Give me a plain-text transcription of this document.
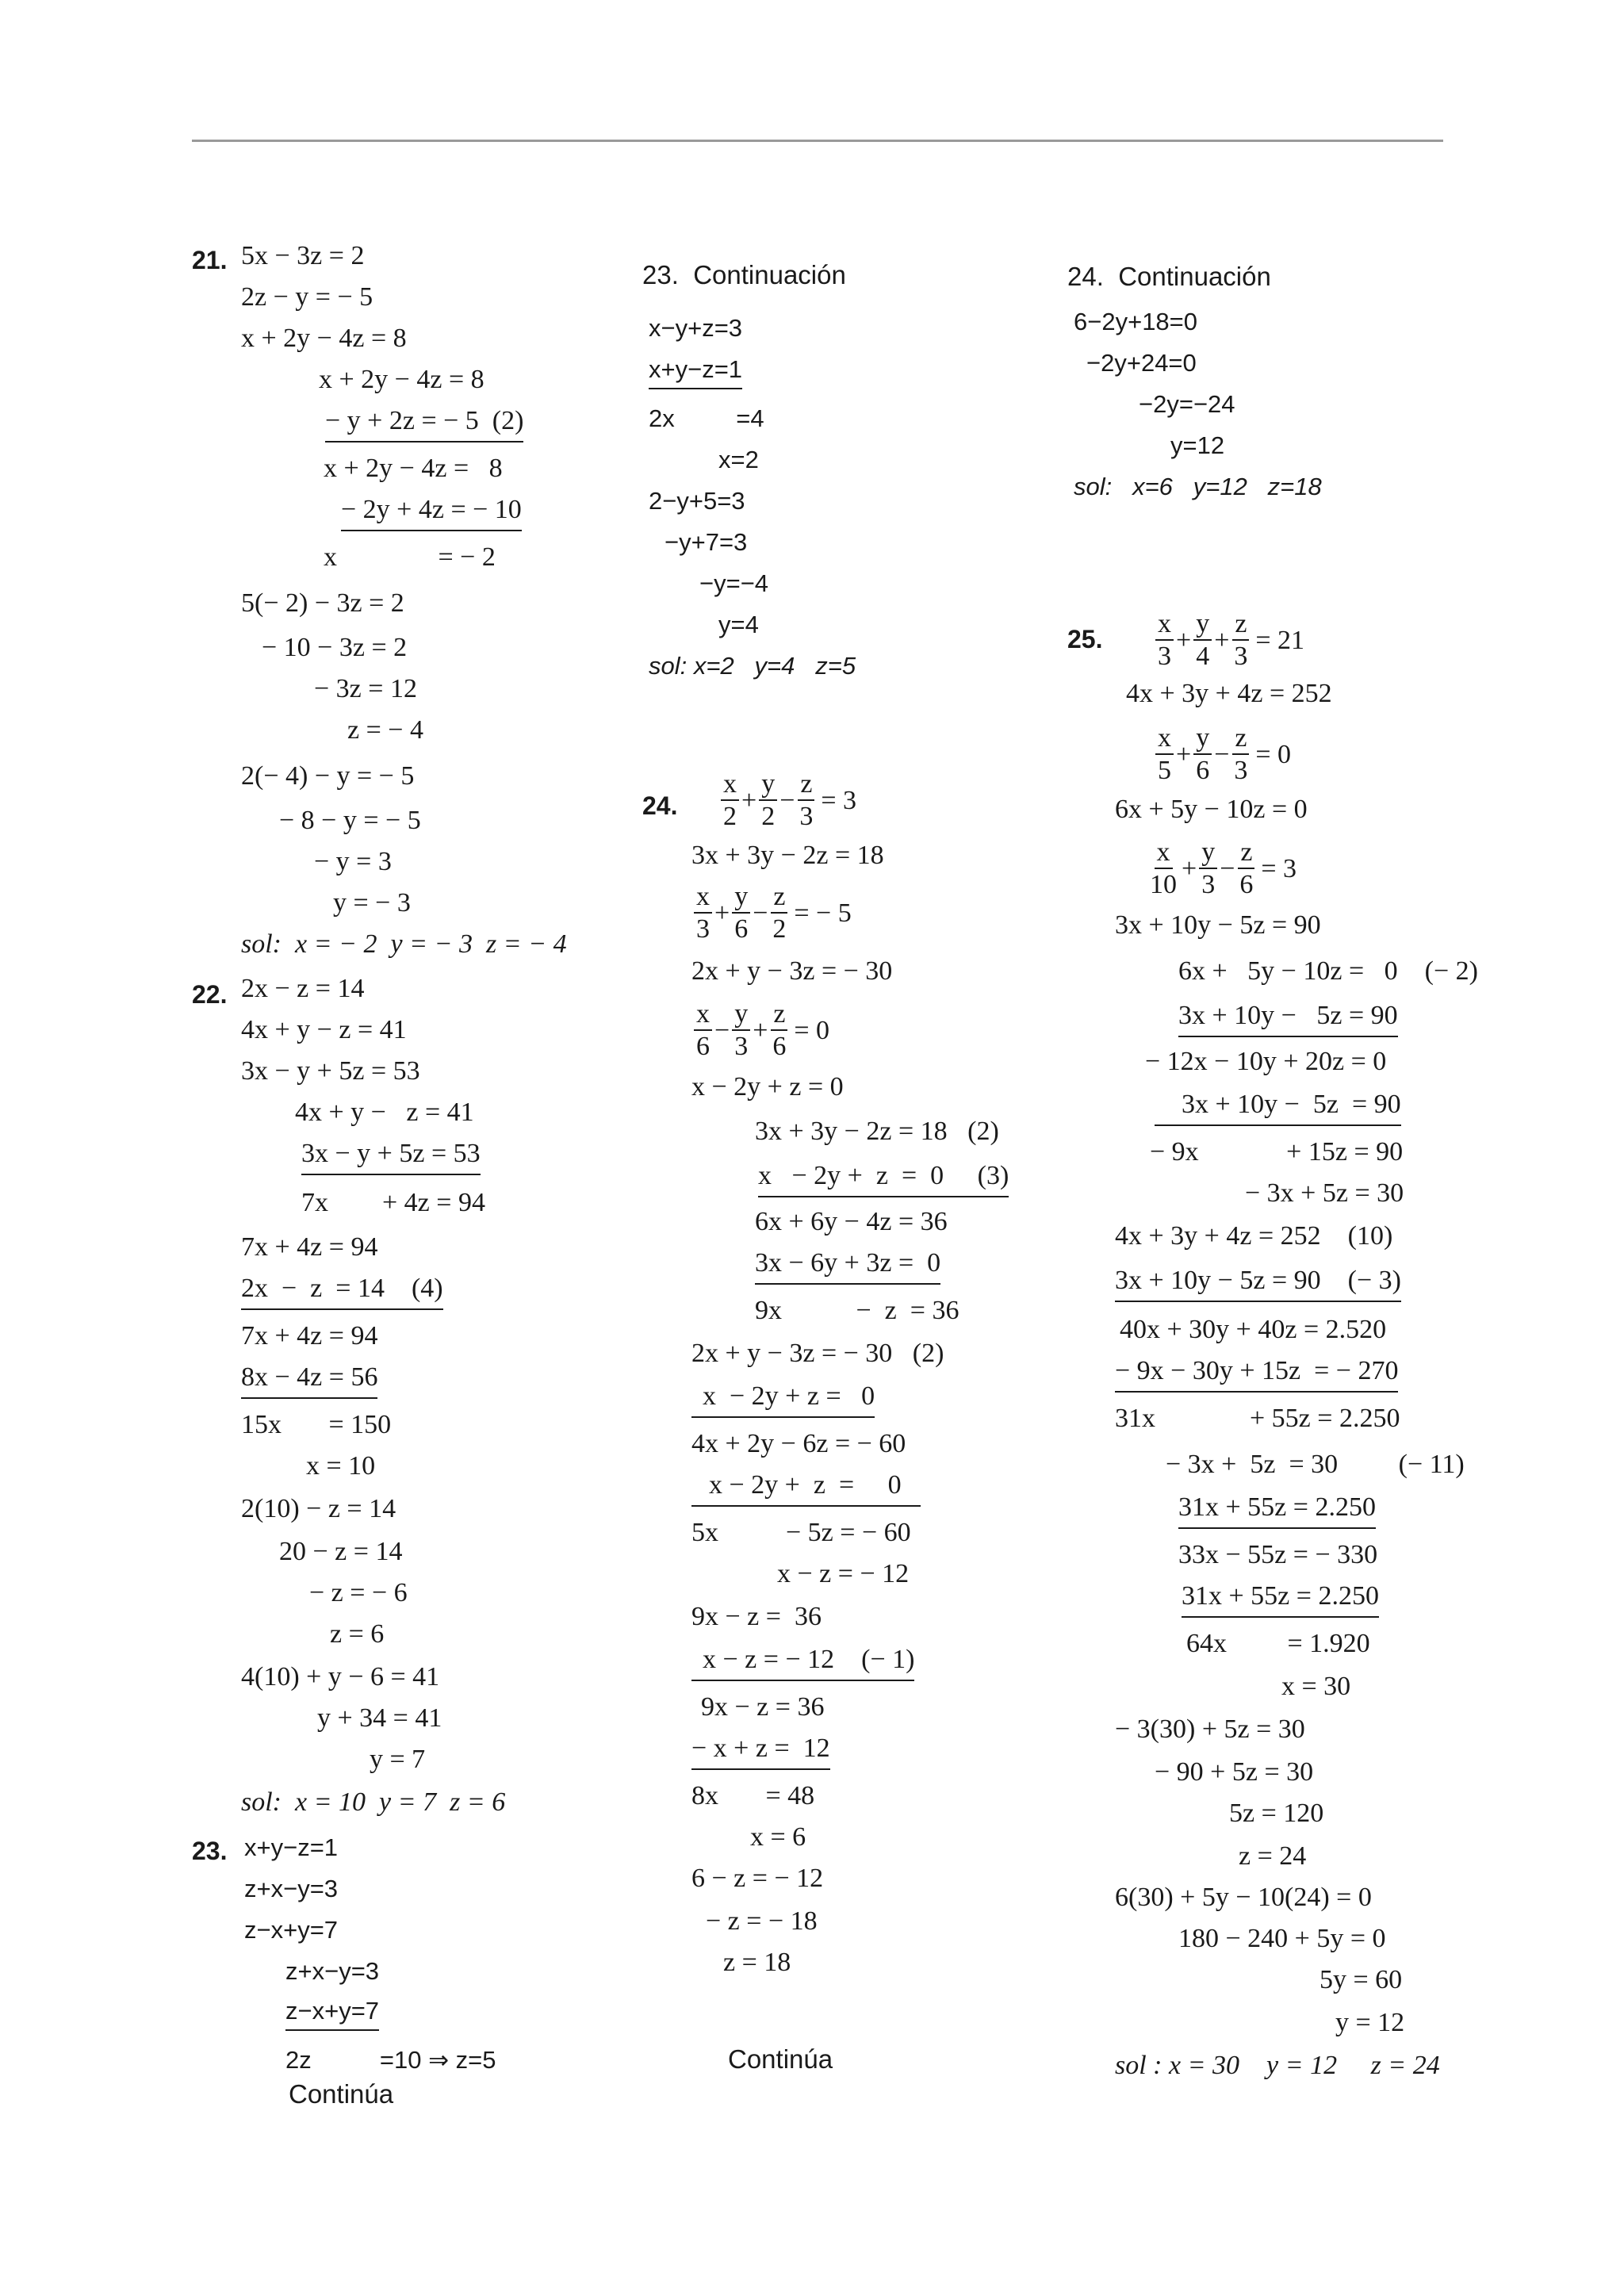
21. 5x − 3z = 2
2z − y = − 5
x + 2y − 4z = 8
x + 2y − 4z = 8
− y + 2z = − 5  (2)
x + 2y − 4z =   8
− 2y + 4z = − 10
x               = − 2
5(− 2) − 3z = 2
− 10 − 3z = 2
− 3z = 12
z = − 4
2(− 4) − y = − 5
− 8 − y = − 5
− y = 3
y = − 3
sol:  x = − 2  y = − 3  z = − 4
22. 2x − z = 14
4x + y − z = 41
3x − y + 5z = 53
4x + y −   z = 41
3x − y + 5z = 53
7x        + 4z = 94
7x + 4z = 94
2x  −  z  = 14    (4)
7x + 4z = 94
8x − 4z = 56
15x       = 150
x = 10
2(10) − z = 14
20 − z = 14
− z = − 6
z = 6
4(10) + y − 6 = 41
y + 34 = 41
y = 7
sol:  x = 10  y = 7  z = 6
23. x+y−z=1
z+x−y=3
z−x+y=7
z+x−y=3
z−x+y=7
2z          =10 ⇒ z=5
Continúa
23.  Continuación
x−y+z=3
x+y−z=1
2x         =4
x=2
2−y+5=3
−y+7=3
−y=−4
y=4
sol: x=2   y=4   z=5
24. $\frac{x}{2} + \frac{y}{2} - \frac{z}{3} = 3$
3x + 3y − 2z = 18
$\frac{x}{3} + \frac{y}{6} - \frac{z}{2}$ = − 5
2x + y − 3z = − 30
$\frac{x}{6} - \frac{y}{3} + \frac{z}{6} = 0$
x − 2y + z = 0
3x + 3y − 2z = 18   (2)
x   − 2y +  z  =  0     (3)
6x + 6y − 4z = 36
3x − 6y + 3z =  0
9x           −  z  = 36
2x + y − 3z = − 30   (2)
x  − 2y + z =   0
4x + 2y − 6z = − 60
x − 2y +  z  =     0
5x          − 5z = − 60
x − z = − 12
9x − z =  36
x − z = − 12    (− 1)
9x − z = 36
− x + z =  12
8x       = 48
x = 6
6 − z = − 12
− z = − 18
z = 18
Continúa
24.  Continuación
6−2y+18=0
−2y+24=0
−2y=−24
y=12
sol:   x=6   y=12   z=18
25. $\frac{x}{3} + \frac{y}{4} + \frac{z}{3} = 21$
4x + 3y + 4z = 252
$\frac{x}{5} + \frac{y}{6} - \frac{z}{3} = 0$
6x + 5y − 10z = 0
$\frac{x}{10} + \frac{y}{3} - \frac{z}{6} = 3$
3x + 10y − 5z = 90
6x +   5y − 10z =   0    (− 2)
3x + 10y −   5z = 90
− 12x − 10y + 20z = 0
3x + 10y −  5z  = 90
− 9x             + 15z = 90
− 3x + 5z = 30
4x + 3y + 4z = 252    (10)
3x + 10y − 5z = 90    (− 3)
40x + 30y + 40z = 2.520
− 9x − 30y + 15z  = − 270
31x              + 55z = 2.250
− 3x +  5z  = 30         (− 11)
31x + 55z = 2.250
33x − 55z = − 330
31x + 55z = 2.250
64x         = 1.920
x = 30
− 3(30) + 5z = 30
− 90 + 5z = 30
5z = 120
z = 24
6(30) + 5y − 10(24) = 0
180 − 240 + 5y = 0
5y = 60
y = 12
sol : x = 30    y = 12     z = 24
